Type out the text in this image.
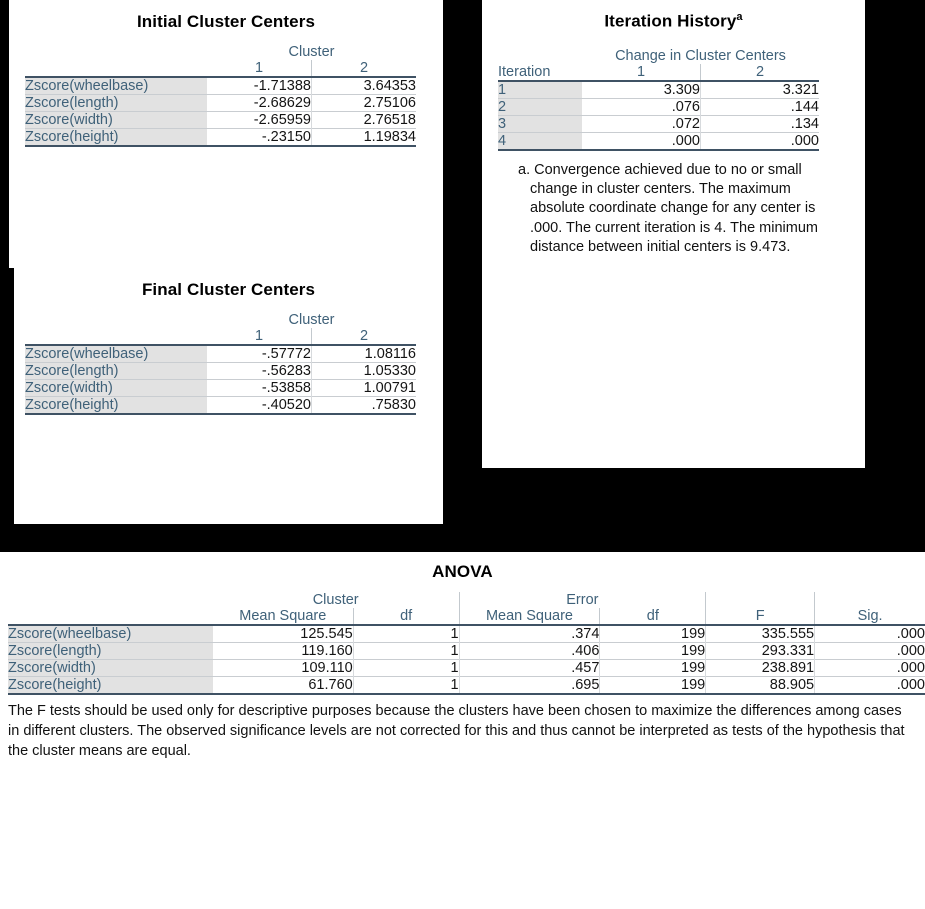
Initial Cluster Centers
	Cluster	
	1	2
Zscore(wheelbase)	-1.71388	3.64353
Zscore(length)	-2.68629	2.75106
Zscore(width)	-2.65959	2.76518
Zscore(height)	-.23150	1.19834
Final Cluster Centers
	Cluster	
	1	2
Zscore(wheelbase)	-.57772	1.08116
Zscore(length)	-.56283	1.05330
Zscore(width)	-.53858	1.00791
Zscore(height)	-.40520	.75830
Iteration History$^a$
	Change in Cluster Centers	
Iteration	1	2
1	3.309	3.321
2	.076	.144
3	.072	.134
4	.000	.000
a. Convergence achieved due to no or small change in cluster centers. The maximum absolute coordinate change for any center is .000. The current iteration is 4. The minimum distance between initial centers is 9.473.
ANOVA
	Cluster		Error			
	Mean Square	df	Mean Square	df	F	Sig.
Zscore(wheelbase)	125.545	1	.374	199	335.555	.000
Zscore(length)	119.160	1	.406	199	293.331	.000
Zscore(width)	109.110	1	.457	199	238.891	.000
Zscore(height)	61.760	1	.695	199	88.905	.000
The F tests should be used only for descriptive purposes because the clusters have been chosen to maximize the differences among cases in different clusters. The observed significance levels are not corrected for this and thus cannot be interpreted as tests of the hypothesis that the cluster means are equal.
